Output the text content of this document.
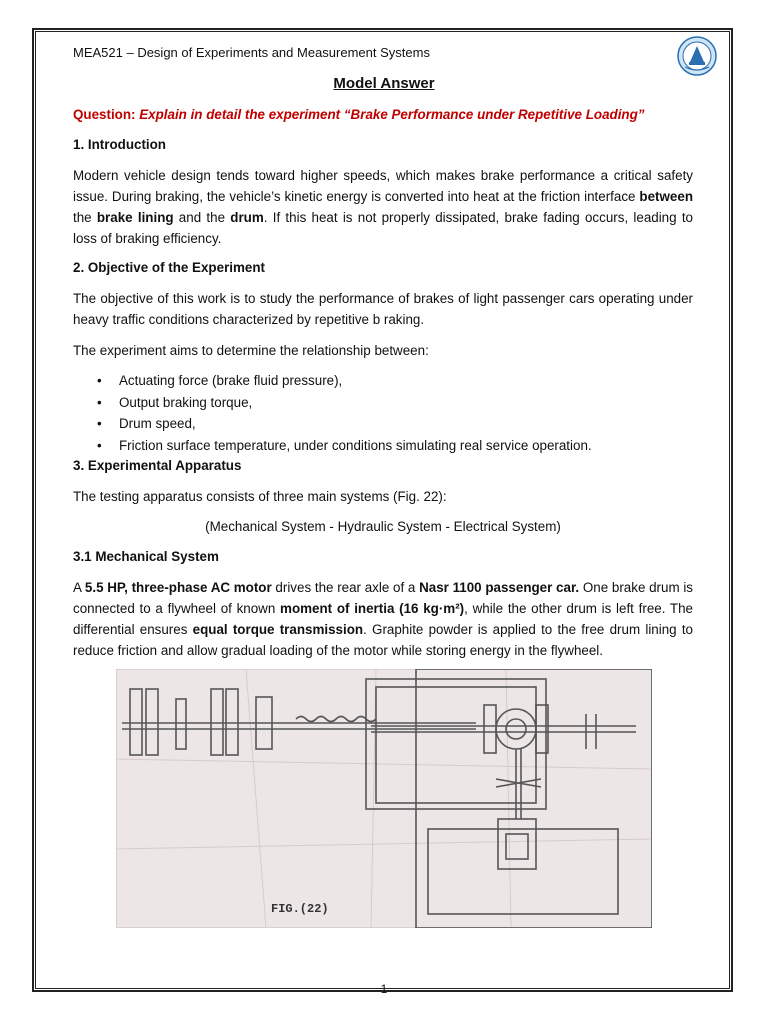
MEA521 – Design of Experiments and Measurement Systems

Model Answer

Question: Explain in detail the experiment “Brake Performance under Repetitive Loading”

1. Introduction

Modern vehicle design tends toward higher speeds, which makes brake performance a critical safety issue. During braking, the vehicle’s kinetic energy is converted into heat at the friction interface between the brake lining and the drum. If this heat is not properly dissipated, brake fading occurs, leading to loss of braking efficiency.

2. Objective of the Experiment

The objective of this work is to study the performance of brakes of light passenger cars operating under heavy traffic conditions characterized by repetitive b raking.

The experiment aims to determine the relationship between:

• Actuating force (brake fluid pressure),
• Output braking torque,
• Drum speed,
• Friction surface temperature, under conditions simulating real service operation.
3. Experimental Apparatus

The testing apparatus consists of three main systems (Fig. 22):

(Mechanical System - Hydraulic System - Electrical System)

3.1 Mechanical System

A 5.5 HP, three-phase AC motor drives the rear axle of a Nasr 1100 passenger car. One brake drum is connected to a flywheel of known moment of inertia (16 kg·m²), while the other drum is left free. The differential ensures equal torque transmission. Graphite powder is applied to the free drum lining to reduce friction and allow gradual loading of the motor while storing energy in the flywheel.

FIG.(22)

1
